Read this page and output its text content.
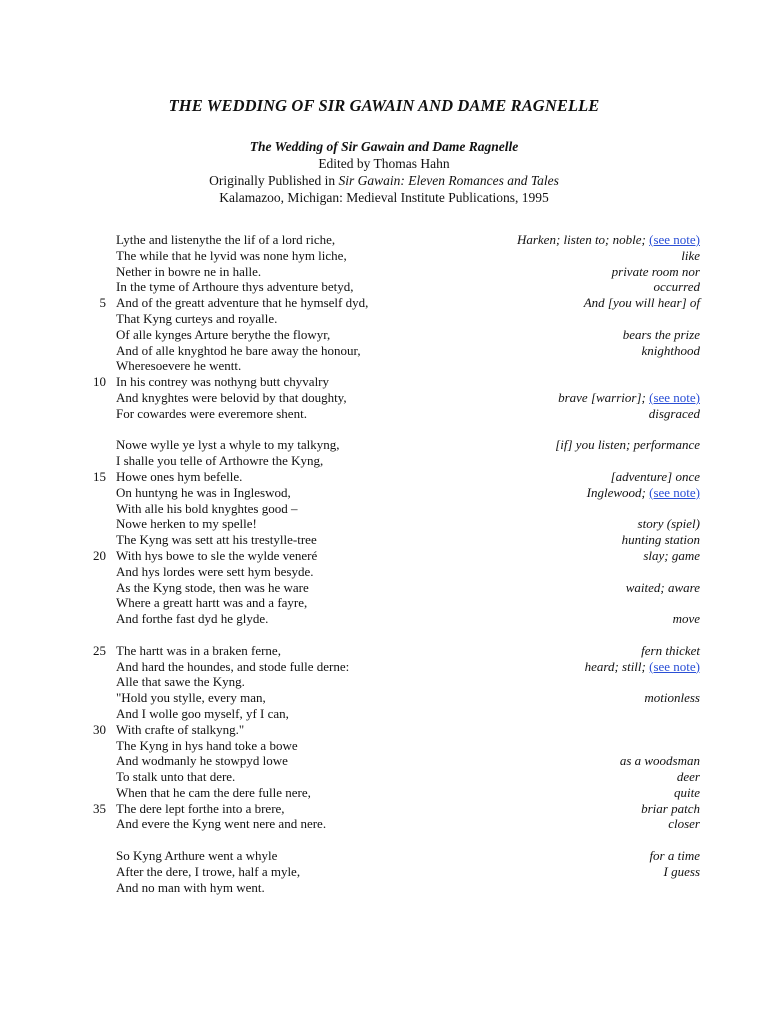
THE WEDDING OF SIR GAWAIN AND DAME RAGNELLE
The Wedding of Sir Gawain and Dame Ragnelle
Edited by Thomas Hahn
Originally Published in Sir Gawain: Eleven Romances and Tales
Kalamazoo, Michigan: Medieval Institute Publications, 1995
Lythe and listenythe the lif of a lord riche,	Harken; listen to; noble; (see note)
The while that he lyvid was none hym liche,	like
Nether in bowre ne in halle.	private room nor
In the tyme of Arthoure thys adventure betyd,	occurred
5 And of the greatt adventure that he hymself dyd,	And [you will hear] of
That Kyng curteys and royalle.
Of alle kynges Arture berythe the flowyr,	bears the prize
And of alle knyghtod he bare away the honour,	knighthood
Wheresoevere he wentt.
10 In his contrey was nothyng butt chyvalry
And knyghtes were belovid by that doughty,	brave [warrior]; (see note)
For cowardes were everemore shent.	disgraced
Nowe wylle ye lyst a whyle to my talkyng,	[if] you listen; performance
I shalle you telle of Arthowre the Kyng,
15 Howe ones hym befelle.	[adventure] once
On huntyng he was in Ingleswod,	Inglewood; (see note)
With alle his bold knyghtes good –
Nowe herken to my spelle!	story (spiel)
The Kyng was sett att his trestylle-tree	hunting station
20 With hys bowe to sle the wylde veneré	slay; game
And hys lordes were sett hym besyde.
As the Kyng stode, then was he ware	waited; aware
Where a greatt hartt was and a fayre,
And forthe fast dyd he glyde.	move
25 The hartt was in a braken ferne,	fern thicket
And hard the houndes, and stode fulle derne:	heard; still; (see note)
Alle that sawe the Kyng.
"Hold you stylle, every man,	motionless
And I wolle goo myself, yf I can,
30 With crafte of stalkyng."
The Kyng in hys hand toke a bowe
And wodmanly he stowpyd lowe	as a woodsman
To stalk unto that dere.	deer
When that he cam the dere fulle nere,	quite
35 The dere lept forthe into a brere,	briar patch
And evere the Kyng went nere and nere.	closer
So Kyng Arthure went a whyle	for a time
After the dere, I trowe, half a myle,	I guess
And no man with hym went.
